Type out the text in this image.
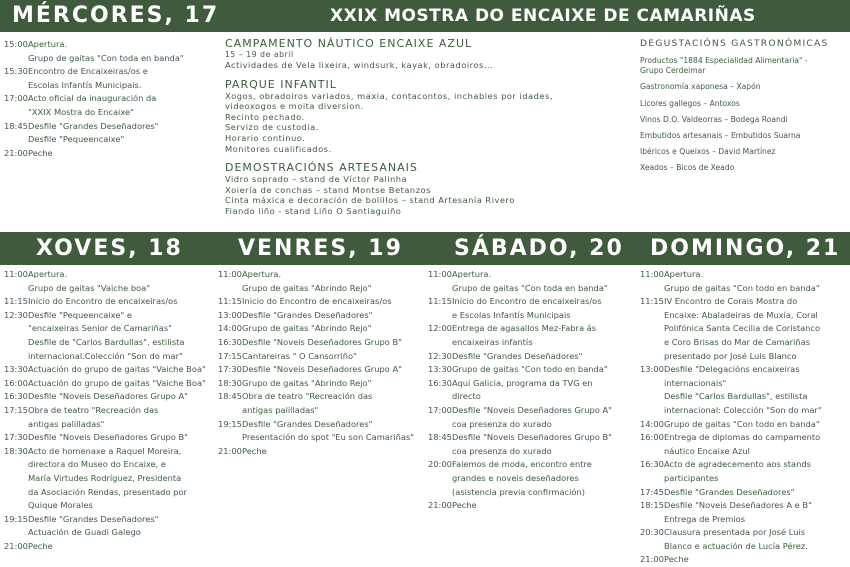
MÉRCORES, 17	XXIX MOSTRA DO ENCAIXE DE CAMARIÑAS
15:00 Apertura.
Grupo de gaitas "Con toda en banda"
15:30 Encontro de Encaixeiras/os e
Escolas Infantís Municipais.
17:00 Acto oficial da inauguración da
"XXIX Mostra do Encaixe"
18:45 Desfile "Grandes Deseñadores"
Desfile "Pequeencaixe"
21:00 Peche
CAMPAMENTO NÁUTICO ENCAIXE AZUL
15 – 19 de abril
Actividades de Vela lixeira, windsurk, kayak, obradoiros...
PARQUE INFANTIL
Xogos, obradoiros variados, maxia, contacontos, inchables por idades,
videoxogos e moita diversion.
Recinto pechado.
Servizo de custodia.
Horario continuo.
Monitores cualificados.
DEMOSTRACIÓNS ARTESANAIS
Vidro soprado – stand de Víctor Palinha
Xoiería de conchas – stand Montse Betanzos
Cinta máxica e decoración de bolillos – stand Artesanía Rivero
Fiando liño - stand Liño O Santiaguiño
DEGUSTACIÓNS GASTRONÓMICAS
Productos "1884 Especialidad Alimentaria" -
Grupo Cerdeimar
Gastronomía xaponesa – Xapón
Licores gallegos – Antoxos
Vinos D.O. Valdeorras – Bodega Roandi
Embutidos artesanais – Embutidos Suarna
Ibéricos e Queixos – David Martínez
Xeados – Bicos de Xeado
XOVES, 18	VENRES, 19 SÁBADO, 20 DOMINGO, 21
11:00 Apertura.
Grupo de gaitas "Vaiche boa"
11:15 Inicio do Encontro de encaixeiras/os
12:30 Desfile "Pequeencaixe" e
"encaixeiras Senior de Camariñas"
Desfile de "Carlos Bardullas", estilista
internacional.Colección "Son do mar"
13:30 Actuación do grupo de gaitas "Vaiche Boa"
16:00 Actuación do grupo de gaitas "Vaiche Boa"
16:30 Desfile "Noveis Deseñadores Grupo A"
17:15 Obra de teatro "Recreación das
antigas palilladas"
17:30 Desfile "Noveis Deseñadores Grupo B"
18:30 Acto de homenaxe a Raquel Moreira,
directora do Museo do Encaixe, e
María Virtudes Rodríguez, Presidenta
da Asociación Rendas, presentado por
Quique Morales
19:15 Desfile "Grandes Deseñadores"
Actuación de Guadi Galego
21:00 Peche
11:00 Apertura.
Grupo de gaitas "Abrindo Rejo"
11:15 Inicio do Encontro de encaixeiras/os
13:00 Desfile "Grandes Deseñadores"
14:00 Grupo de gaitas "Abrindo Rejo"
16:30 Desfile "Noveis Deseñadores Grupo B"
17:15 Cantareiras " O Cansorriño"
17:30 Desfile "Noveis Deseñadores Grupo A"
18:30 Grupo de gaitas "Abrindo Rejo"
18:45 Obra de teatro "Recreación das
antigas palilladas"
19:15 Desfile "Grandes Deseñadores"
Presentación do spot "Eu son Camariñas"
21:00 Peche
11:00 Apertura.
Grupo de gaitas "Con toda en banda"
11:15 Inicio do Encontro de encaixeiras/os
e Escolas Infantís Municipais
12:00 Entrega de agasallos Mez-Fabra ás
encaixeiras infantís
12:30 Desfile "Grandes Deseñadores"
13:30 Grupo de gaitas "Con todo en banda"
16:30 Aquí Galicia, programa da TVG en
directo
17:00 Desfile "Noveis Deseñadores Grupo A"
coa presenza do xurado
18:45 Desfile "Noveis Deseñadores Grupo B"
coa presenza do xurado
20:00 Falemos de moda, encontro entre
grandes e noveis deseñadores
(asistencia previa confirmación)
21:00 Peche
11:00 Apertura.
Grupo de gaitas "Con todo en banda"
11:15 IV Encontro de Corais Mostra do
Encaixe: Abaladeiras de Muxía, Coral
Polifónica Santa Cecilia de Coristanco
e Coro Brisas do Mar de Camariñas
presentado por José Luis Blanco
13:00 Desfile "Delegacións encaixeiras
internacionais"
Desfile "Carlos Bardullas", estilista
internacional: Colección "Son do mar"
14:00 Grupo de gaitas "Con todo en banda"
16:00 Entrega de diplomas do campamento
náutico Encaixe Azul
16:30 Acto de agradecemento aos stands
participantes
17:45 Desfile "Grandes Deseñadores"
18:15 Desfile "Noveis Deseñadores A e B"
Entrega de Premios
20:30 Clausura presentada por José Luis
Blanco e actuación de Lucía Pérez.
21:00 Peche
